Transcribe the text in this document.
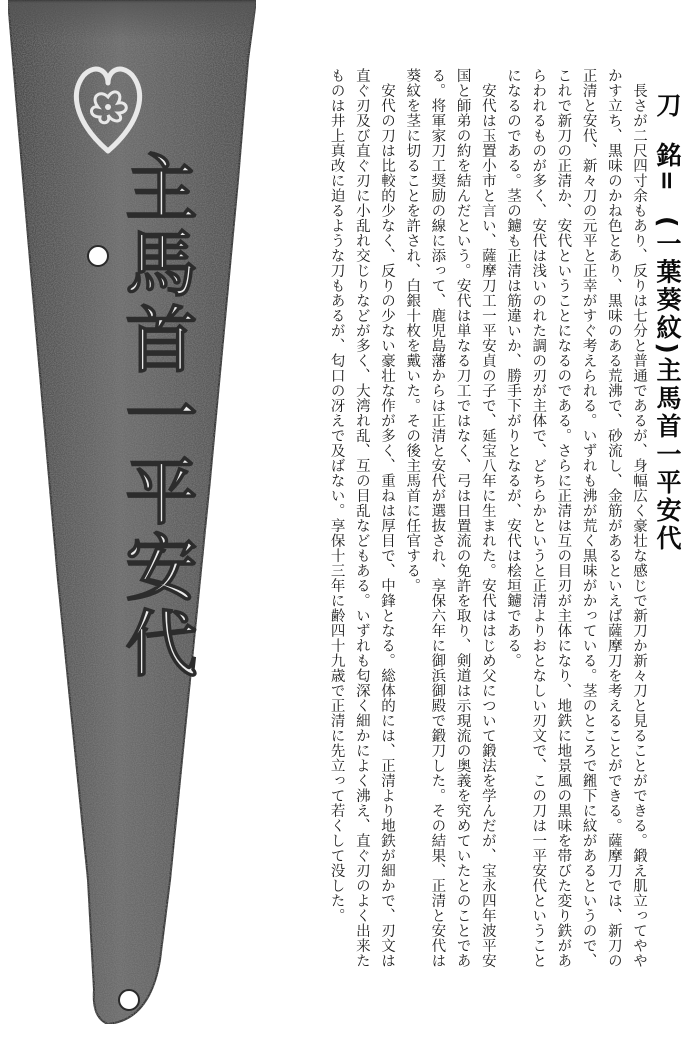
主馬首一平安代
刀銘=(一葉葵紋)主馬首一平安代
　長さが二尺四寸余もあり、反りは七分と普通であるが、身幅広く豪壮な感じで新刀か新々刀と見ることができる。鍛え肌立ってやや
かす立ち、黒味のかね色とあり、黒味のある荒沸で、砂流し、金筋があるといえば薩摩刀を考えることができる。薩摩刀では、新刀の
正清と安代、新々刀の元平と正幸がすぐ考えられる。いずれも沸が荒く黒味がかっている。茎のところで鎺下に紋があるというので、
これで新刀の正清か、安代ということになるのである。さらに正清は互の目刃が主体になり、地鉄に地景風の黒味を帯びた変り鉄があ
らわれるものが多く、安代は浅いのれた調の刃が主体で、どちらかというと正清よりおとなしい刃文で、この刀は一平安代ということ
になるのである。茎の鑢も正清は筋違いか、勝手下がりとなるが、安代は桧垣鑢である。
　安代は玉置小市と言い、薩摩刀工一平安貞の子で、延宝八年に生まれた。安代ははじめ父について鍛法を学んだが、宝永四年波平安
国と師弟の約を結んだという。安代は単なる刀工ではなく、弓は日置流の免許を取り、剣道は示現流の奥義を究めていたとのことであ
る。将軍家刀工奨励の線に添って、鹿児島藩からは正清と安代が選抜され、享保六年に御浜御殿で鍛刀した。その結果、正清と安代は
葵紋を茎に切ることを許され、白銀十枚を戴いた。その後主馬首に任官する。
　安代の刀は比較的少なく、反りの少ない豪壮な作が多く、重ねは厚目で、中鋒となる。総体的には、正清より地鉄が細かで、刃文は
直ぐ刃及び直ぐ刃に小乱れ交じりなどが多く、大湾れ乱、互の目乱などもある。いずれも匂深く細かによく沸え、直ぐ刃のよく出来た
ものは井上真改に迫るような刀もあるが、匂口の冴えで及ばない。享保十三年に齢四十九歳で正清に先立って若くして没した。
